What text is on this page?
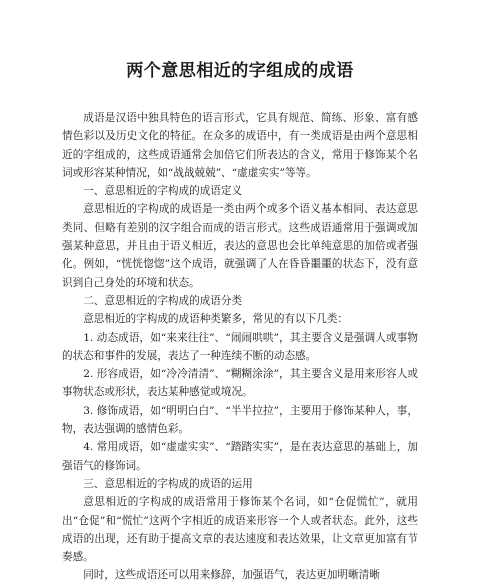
两个意思相近的字组成的成语

成语是汉语中独具特色的语言形式，它具有规范、简练、形象、富有感情色彩以及历史文化的特征。在众多的成语中，有一类成语是由两个意思相近的字组成的，这些成语通常会加倍它们所表达的含义，常用于修饰某个名词或形容某种情况，如“战战兢兢”、“虚虚实实”等等。

一、意思相近的字构成的成语定义

意思相近的字构成的成语是一类由两个或多个语义基本相同、表达意思类同、但略有差别的汉字组合而成的语言形式。这些成语通常用于强调或加强某种意思，并且由于语义相近，表达的意思也会比单纯意思的加倍或者强化。例如，“恍恍惚惚”这个成语，就强调了人在昏昏噩噩的状态下，没有意识到自己身处的环境和状态。

二、意思相近的字构成的成语分类

意思相近的字构成的成语种类繁多，常见的有以下几类：

1. 动态成语，如“来来往往”、“闹闹哄哄”，其主要含义是强调人或事物的状态和事件的发展，表达了一种连续不断的动态感。

2. 形容成语，如“冷冷清清”、“糊糊涂涂”，其主要含义是用来形容人或事物状态或形状，表达某种感觉或境况。

3. 修饰成语，如“明明白白”、“半半拉拉”，主要用于修饰某种人，事，物，表达强调的感情色彩。

4. 常用成语，如“虚虚实实”、“踏踏实实”，是在表达意思的基础上，加强语气的修饰词。

三、意思相近的字构成的成语的运用

意思相近的字构成的成语常用于修饰某个名词，如“仓促慌忙”，就用出“仓促”和“慌忙”这两个字相近的成语来形容一个人或者状态。此外，这些成语的出现，还有助于提高文章的表达速度和表达效果，让文章更加富有节奏感。

同时，这些成语还可以用来修辞，加强语气，表达更加明晰清晰
